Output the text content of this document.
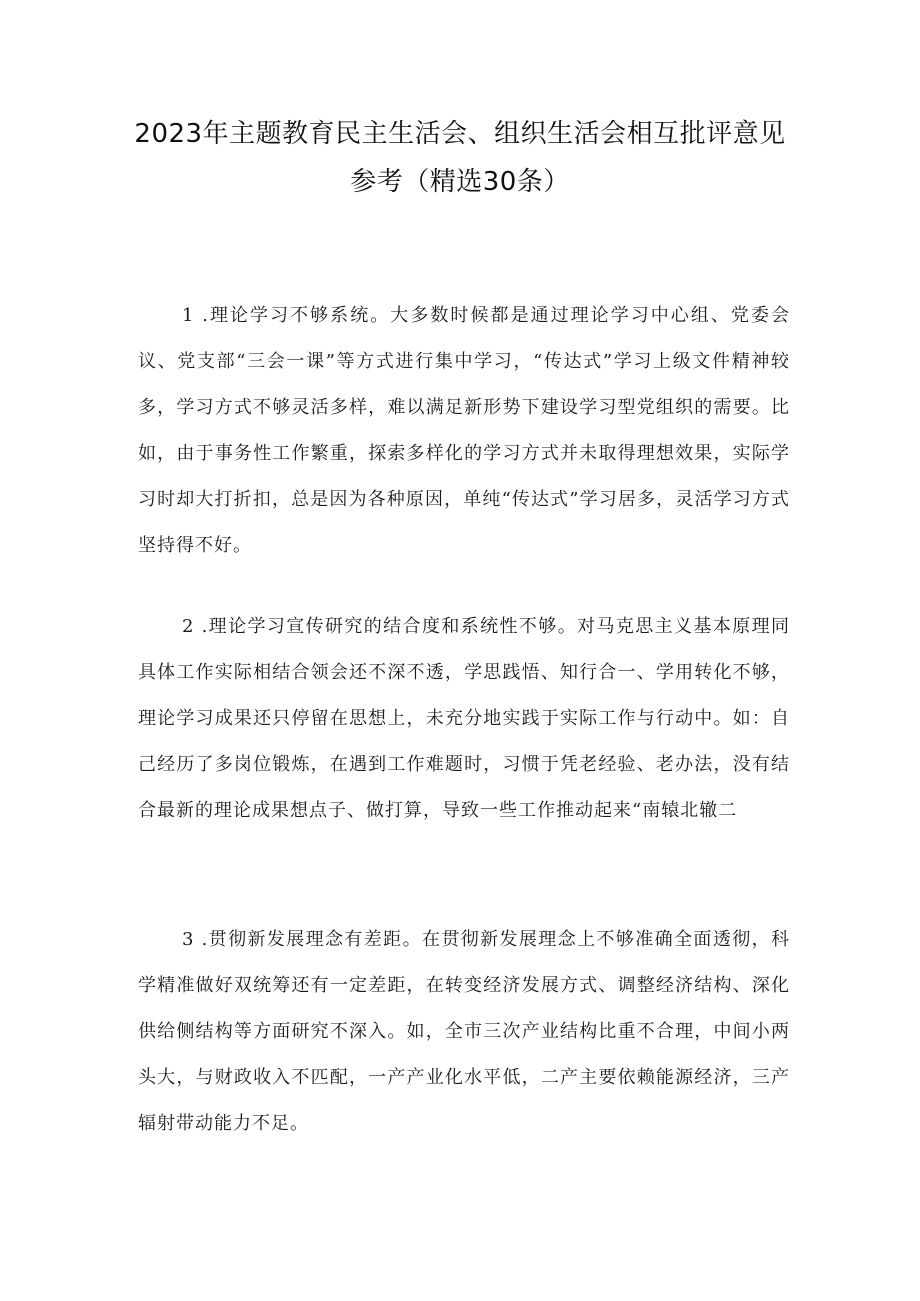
2023年主题教育民主生活会、组织生活会相互批评意见参考（精选30条）

1 .理论学习不够系统。大多数时候都是通过理论学习中心组、党委会议、党支部“三会一课”等方式进行集中学习，“传达式”学习上级文件精神较多，学习方式不够灵活多样，难以满足新形势下建设学习型党组织的需要。比如，由于事务性工作繁重，探索多样化的学习方式并未取得理想效果，实际学习时却大打折扣，总是因为各种原因，单纯“传达式”学习居多，灵活学习方式坚持得不好。

2 .理论学习宣传研究的结合度和系统性不够。对马克思主义基本原理同具体工作实际相结合领会还不深不透，学思践悟、知行合一、学用转化不够，理论学习成果还只停留在思想上，未充分地实践于实际工作与行动中。如：自己经历了多岗位锻炼，在遇到工作难题时，习惯于凭老经验、老办法，没有结合最新的理论成果想点子、做打算，导致一些工作推动起来“南辕北辙二

3 .贯彻新发展理念有差距。在贯彻新发展理念上不够准确全面透彻，科学精准做好双统筹还有一定差距，在转变经济发展方式、调整经济结构、深化供给侧结构等方面研究不深入。如，全市三次产业结构比重不合理，中间小两头大，与财政收入不匹配，一产产业化水平低，二产主要依赖能源经济，三产辐射带动能力不足。
